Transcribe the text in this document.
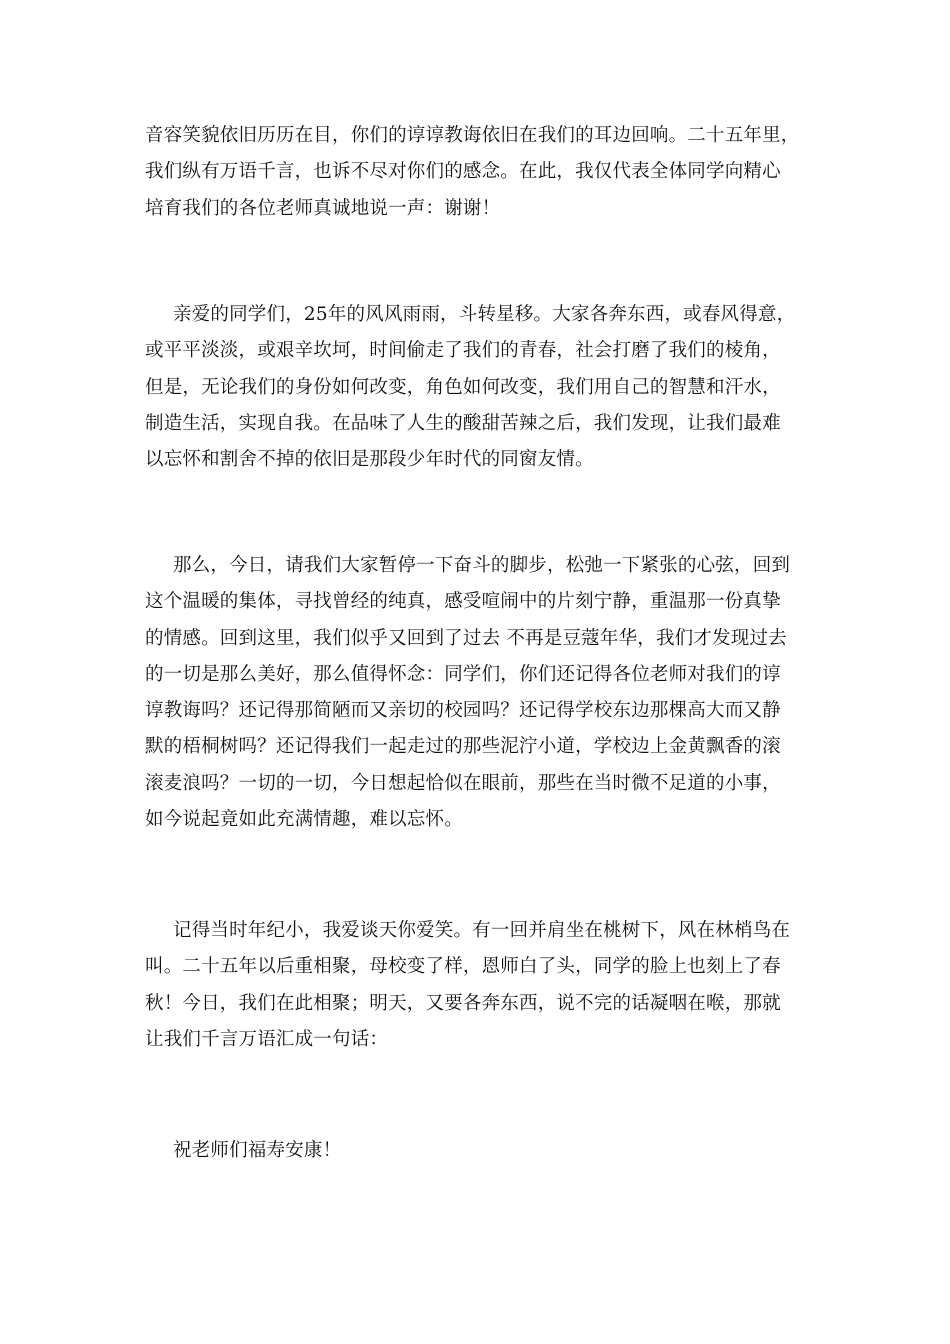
音容笑貌依旧历历在目，你们的谆谆教诲依旧在我们的耳边回响。二十五年里，
我们纵有万语千言，也诉不尽对你们的感念。在此，我仅代表全体同学向精心
培育我们的各位老师真诚地说一声：谢谢！

亲爱的同学们，25年的风风雨雨，斗转星移。大家各奔东西，或春风得意，
或平平淡淡，或艰辛坎坷，时间偷走了我们的青春，社会打磨了我们的棱角，
但是，无论我们的身份如何改变，角色如何改变，我们用自己的智慧和汗水，
制造生活，实现自我。在品味了人生的酸甜苦辣之后，我们发现，让我们最难
以忘怀和割舍不掉的依旧是那段少年时代的同窗友情。

那么，今日，请我们大家暂停一下奋斗的脚步，松弛一下紧张的心弦，回到
这个温暖的集体，寻找曾经的纯真，感受喧闹中的片刻宁静，重温那一份真挚
的情感。回到这里，我们似乎又回到了过去 不再是豆蔻年华，我们才发现过去
的一切是那么美好，那么值得怀念：同学们，你们还记得各位老师对我们的谆
谆教诲吗？还记得那简陋而又亲切的校园吗？还记得学校东边那棵高大而又静
默的梧桐树吗？还记得我们一起走过的那些泥泞小道，学校边上金黄飘香的滚
滚麦浪吗？一切的一切，今日想起恰似在眼前，那些在当时微不足道的小事，
如今说起竟如此充满情趣，难以忘怀。

记得当时年纪小，我爱谈天你爱笑。有一回并肩坐在桃树下，风在林梢鸟在
叫。二十五年以后重相聚，母校变了样，恩师白了头，同学的脸上也刻上了春
秋！今日，我们在此相聚；明天，又要各奔东西，说不完的话凝咽在喉，那就
让我们千言万语汇成一句话：

祝老师们福寿安康！
